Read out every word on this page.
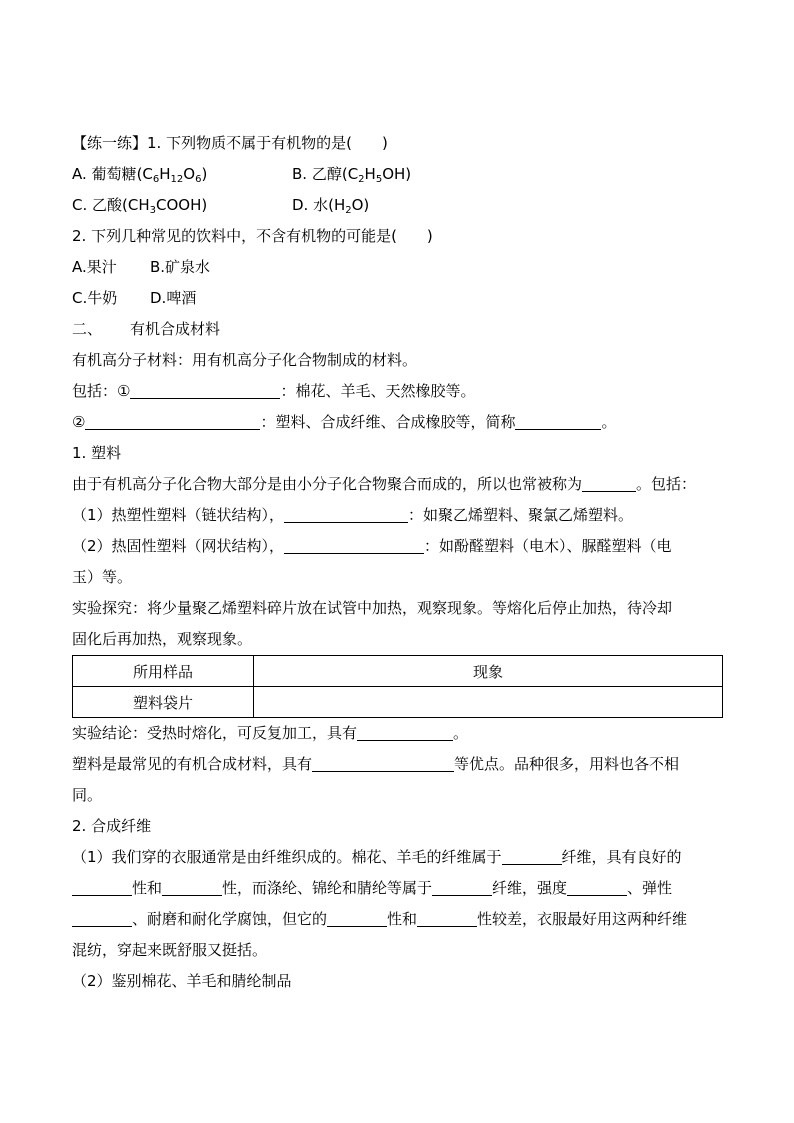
【练一练】1. 下列物质不属于有机物的是(　　)
A. 葡萄糖$(C_6H_{12}O_6)$	B. 乙醇$(C_2H_5OH)$
C. 乙酸$(CH_3COOH)$	D. 水$(H_2O)$
2. 下列几种常见的饮料中，不含有机物的可能是(　　)
A.果汁 B.矿泉水
C.牛奶 D.啤酒
二、 有机合成材料
有机高分子材料：用有机高分子化合物制成的材料。
包括：①	：棉花、羊毛、天然橡胶等。
②	：塑料、合成纤维、合成橡胶等，简称	。
1. 塑料
由于有机高分子化合物大部分是由小分子化合物聚合而成的，所以也常被称为	。包括：
（1）热塑性塑料（链状结构），	：如聚乙烯塑料、聚氯乙烯塑料。
（2）热固性塑料（网状结构），	：如酚醛塑料（电木）、脲醛塑料（电
玉）等。
实验探究：将少量聚乙烯塑料碎片放在试管中加热，观察现象。等熔化后停止加热，待冷却
固化后再加热，观察现象。
所用样品	现象
塑料袋片	
实验结论：受热时熔化，可反复加工，具有	。
塑料是最常见的有机合成材料，具有	等优点。品种很多，用料也各不相
同。
2. 合成纤维
（1）我们穿的衣服通常是由纤维织成的。棉花、羊毛的纤维属于	纤维，具有良好的
性和	性，而涤纶、锦纶和腈纶等属于	纤维，强度	、弹性
、耐磨和耐化学腐蚀，但它的	性和	性较差，衣服最好用这两种纤维
混纺，穿起来既舒服又挺括。
（2）鉴别棉花、羊毛和腈纶制品
